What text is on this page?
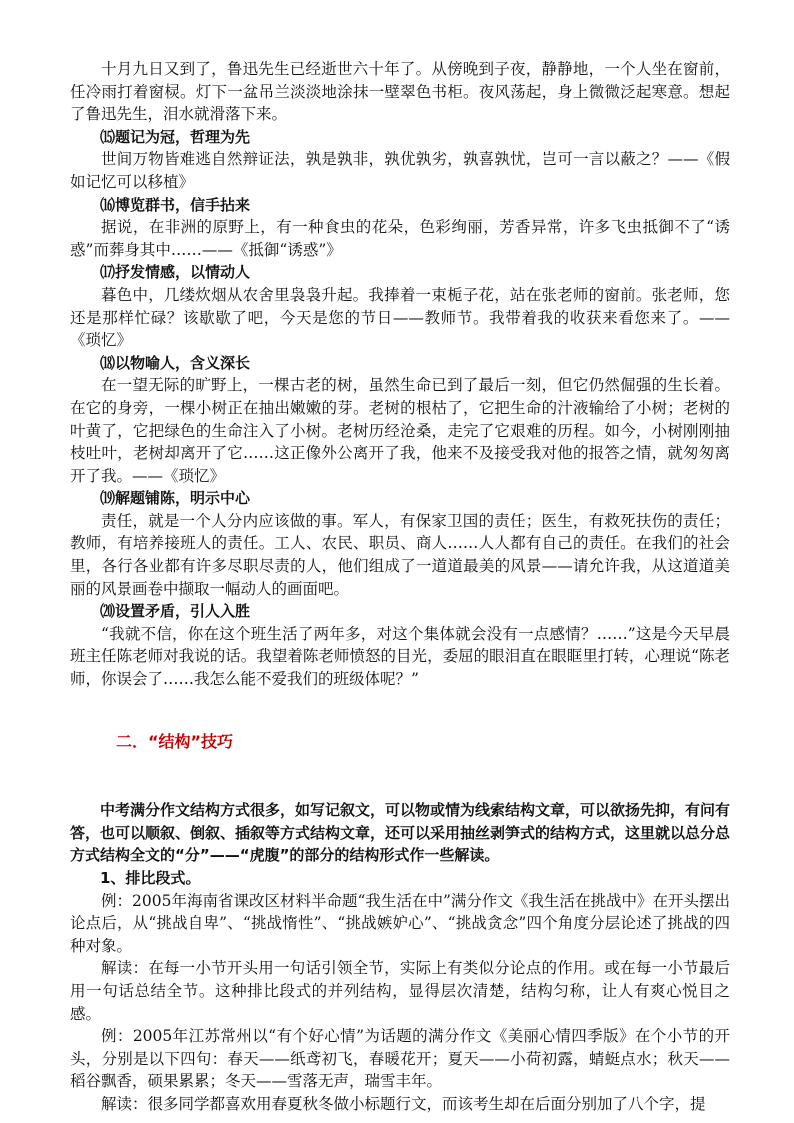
十月九日又到了，鲁迅先生已经逝世六十年了。从傍晚到子夜，静静地，一个人坐在窗前，任冷雨打着窗棂。灯下一盆吊兰淡淡地涂抹一壁翠色书柜。夜风荡起，身上微微泛起寒意。想起了鲁迅先生，泪水就滑落下来。

⒂题记为冠，哲理为先

世间万物皆难逃自然辩证法，孰是孰非，孰优孰劣，孰喜孰忧，岂可一言以蔽之？——《假如记忆可以移植》

⒃博览群书，信手拈来

据说，在非洲的原野上，有一种食虫的花朵，色彩绚丽，芳香异常，许多飞虫抵御不了“诱惑”而葬身其中……——《抵御“诱惑”》

⒄抒发情感，以情动人

暮色中，几缕炊烟从农舍里袅袅升起。我捧着一束栀子花，站在张老师的窗前。张老师，您还是那样忙碌？该歇歇了吧，今天是您的节日——教师节。我带着我的收获来看您来了。——《琐忆》

⒅以物喻人，含义深长

在一望无际的旷野上，一棵古老的树，虽然生命已到了最后一刻，但它仍然倔强的生长着。在它的身旁，一棵小树正在抽出嫩嫩的芽。老树的根枯了，它把生命的汁液输给了小树；老树的叶黄了，它把绿色的生命注入了小树。老树历经沧桑，走完了它艰难的历程。如今，小树刚刚抽枝吐叶，老树却离开了它……这正像外公离开了我，他来不及接受我对他的报答之情，就匆匆离开了我。——《琐忆》

⒆解题铺陈，明示中心

责任，就是一个人分内应该做的事。军人，有保家卫国的责任；医生，有救死扶伤的责任；教师，有培养接班人的责任。工人、农民、职员、商人……人人都有自己的责任。在我们的社会里，各行各业都有许多尽职尽责的人，他们组成了一道道最美的风景——请允许我，从这道道美丽的风景画卷中撷取一幅动人的画面吧。

⒇设置矛盾，引人入胜

“我就不信，你在这个班生活了两年多，对这个集体就会没有一点感情？……”这是今天早晨班主任陈老师对我说的话。我望着陈老师愤怒的目光，委屈的眼泪直在眼眶里打转，心理说“陈老师，你误会了……我怎么能不爱我们的班级体呢？”

二．“结构”技巧

中考满分作文结构方式很多，如写记叙文，可以物或情为线索结构文章，可以欲扬先抑，有问有答，也可以顺叙、倒叙、插叙等方式结构文章，还可以采用抽丝剥笋式的结构方式，这里就以总分总方式结构全文的“分”——“虎腹”的部分的结构形式作一些解读。

1、排比段式。

例：2005年海南省课改区材料半命题“我生活在中”满分作文《我生活在挑战中》在开头摆出论点后，从“挑战自卑”、“挑战惰性”、“挑战嫉妒心”、“挑战贪念”四个角度分层论述了挑战的四种对象。

解读：在每一小节开头用一句话引领全节，实际上有类似分论点的作用。或在每一小节最后用一句话总结全节。这种排比段式的并列结构，显得层次清楚，结构匀称，让人有爽心悦目之感。

例：2005年江苏常州以“有个好心情”为话题的满分作文《美丽心情四季版》在个小节的开头，分别是以下四句：春天——纸鸢初飞，春暖花开；夏天——小荷初露，蜻蜓点水；秋天——稻谷飘香，硕果累累；冬天——雪落无声，瑞雪丰年。

解读：很多同学都喜欢用春夏秋冬做小标题行文，而该考生却在后面分别加了八个字，提
